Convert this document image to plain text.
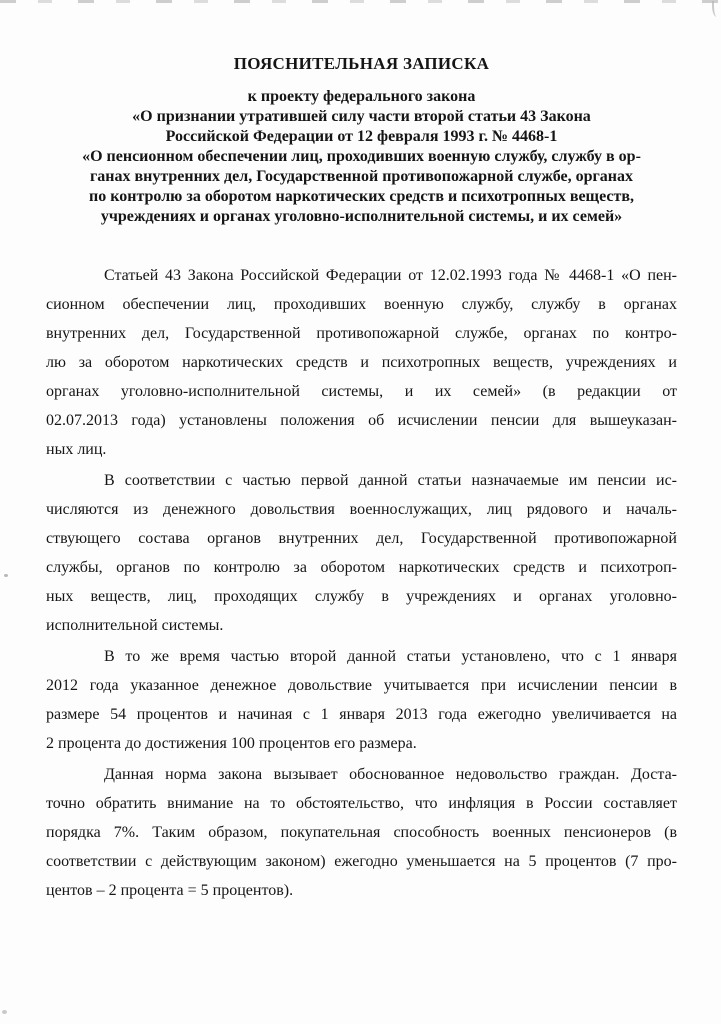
ПОЯСНИТЕЛЬНАЯ ЗАПИСКА
к проекту федерального закона
«О признании утратившей силу части второй статьи 43 Закона
Российской Федерации от 12 февраля 1993 г. № 4468-1
«О пенсионном обеспечении лиц, проходивших военную службу, службу в ор-
ганах внутренних дел, Государственной противопожарной службе, органах
по контролю за оборотом наркотических средств и психотропных веществ,
учреждениях и органах уголовно-исполнительной системы, и их семей»
Статьей 43 Закона Российской Федерации от 12.02.1993 года № 4468-1 «О пен-
сионном обеспечении лиц, проходивших военную службу, службу в органах
внутренних дел, Государственной противопожарной службе, органах по контро-
лю за оборотом наркотических средств и психотропных веществ, учреждениях и
органах уголовно-исполнительной системы, и их семей» (в редакции от
02.07.2013 года) установлены положения об исчислении пенсии для вышеуказан-
ных лиц.
В соответствии с частью первой данной статьи назначаемые им пенсии ис-
числяются из денежного довольствия военнослужащих, лиц рядового и началь-
ствующего состава органов внутренних дел, Государственной противопожарной
службы, органов по контролю за оборотом наркотических средств и психотроп-
ных веществ, лиц, проходящих службу в учреждениях и органах уголовно-
исполнительной системы.
В то же время частью второй данной статьи установлено, что с 1 января
2012 года указанное денежное довольствие учитывается при исчислении пенсии в
размере 54 процентов и начиная с 1 января 2013 года ежегодно увеличивается на
2 процента до достижения 100 процентов его размера.
Данная норма закона вызывает обоснованное недовольство граждан. Доста-
точно обратить внимание на то обстоятельство, что инфляция в России составляет
порядка 7%. Таким образом, покупательная способность военных пенсионеров (в
соответствии с действующим законом) ежегодно уменьшается на 5 процентов (7 про-
центов – 2 процента = 5 процентов).
